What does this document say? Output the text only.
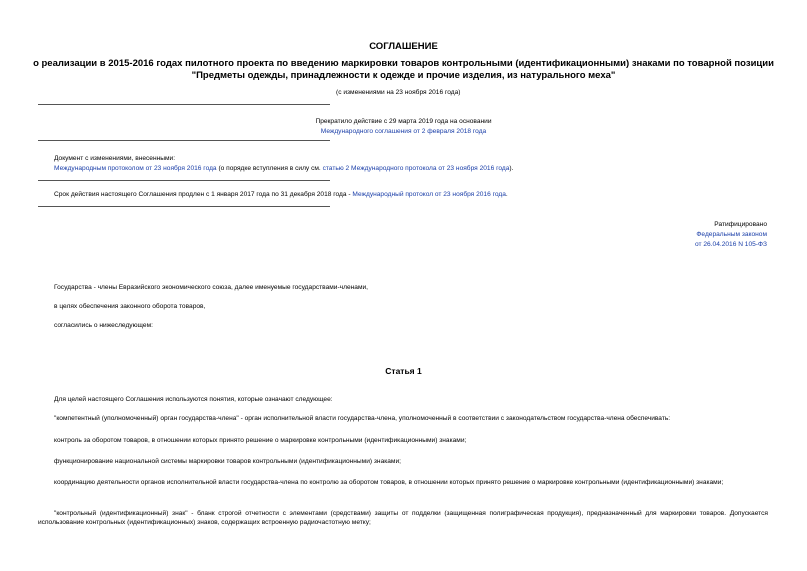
СОГЛАШЕНИЕ
о реализации в 2015-2016 годах пилотного проекта по введению маркировки товаров контрольными (идентификационными) знаками по товарной позиции
"Предметы одежды, принадлежности к одежде и прочие изделия, из натурального меха"
(с изменениями на 23 ноября 2016 года)
Прекратило действие с 29 марта 2019 года на основании
Международного соглашения от 2 февраля 2018 года
Документ с изменениями, внесенными:
Международным протоколом от 23 ноября 2016 года (о порядке вступления в силу см. статью 2 Международного протокола от 23 ноября 2016 года).
Срок действия настоящего Соглашения продлен с 1 января 2017 года по 31 декабря 2018 года - Международный протокол от 23 ноября 2016 года.
Ратифицировано
Федеральным законом
от 26.04.2016 N 105-ФЗ
Государства - члены Евразийского экономического союза, далее именуемые государствами-членами,
в целях обеспечения законного оборота товаров,
согласились о нижеследующем:
Статья 1
Для целей настоящего Соглашения используются понятия, которые означают следующее:
"компетентный (уполномоченный) орган государства-члена" - орган исполнительной власти государства-члена, уполномоченный в соответствии с законодательством государства-члена обеспечивать:
контроль за оборотом товаров, в отношении которых принято решение о маркировке контрольными (идентификационными) знаками;
функционирование национальной системы маркировки товаров контрольными (идентификационными) знаками;
координацию деятельности органов исполнительной власти государства-члена по контролю за оборотом товаров, в отношении которых принято решение о маркировке контрольными (идентификационными) знаками;
"контрольный (идентификационный) знак" - бланк строгой отчетности с элементами (средствами) защиты от подделки (защищенная полиграфическая продукция), предназначенный для маркировки товаров. Допускается использование контрольных (идентификационных) знаков, содержащих встроенную радиочастотную метку;
